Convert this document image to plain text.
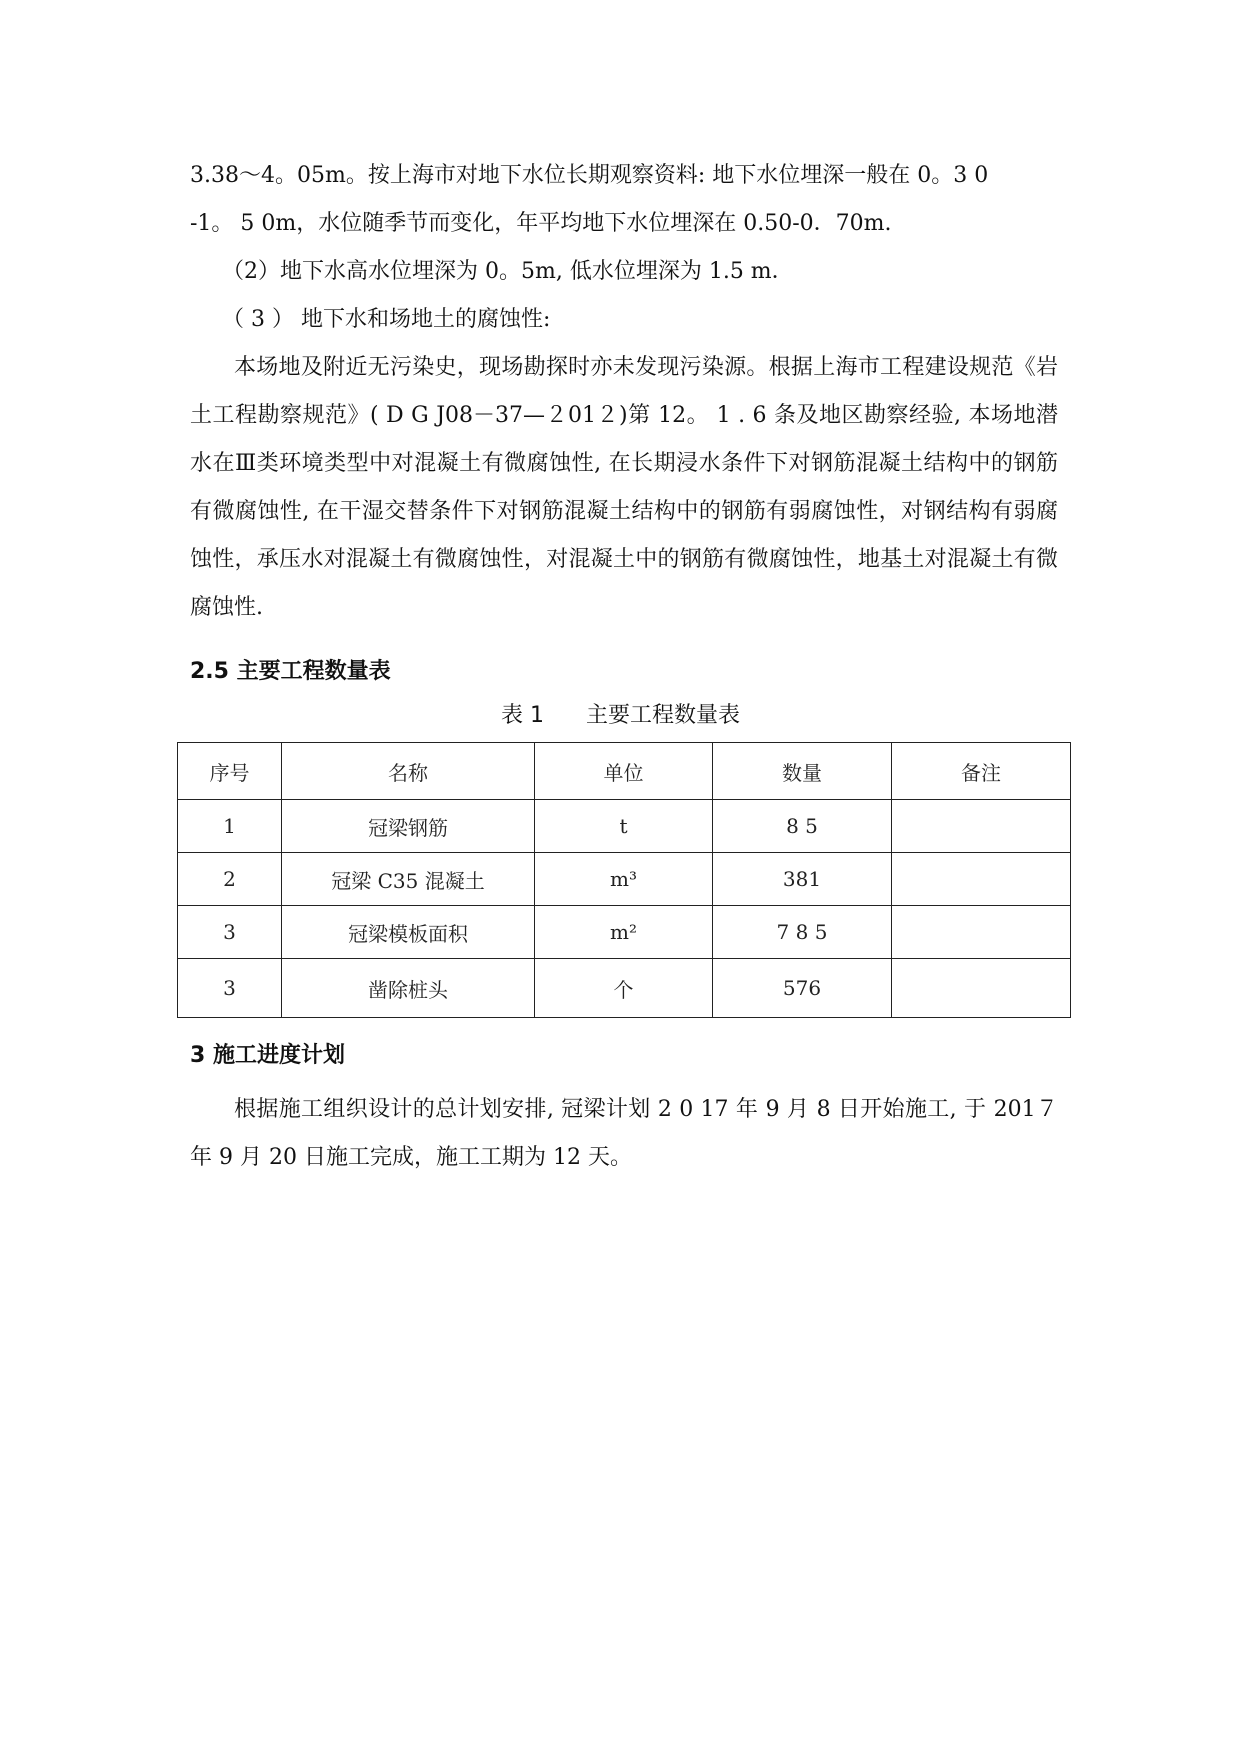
3.38～4。05m。按上海市对地下水位长期观察资料: 地下水位埋深一般在 0。3 0
-1。 5 0m，水位随季节而变化，年平均地下水位埋深在 0.50-0．70m.
（2）地下水高水位埋深为 0。5m, 低水位埋深为 1.5 m．
（ 3 ） 地下水和场地土的腐蚀性:

本场地及附近无污染史，现场勘探时亦未发现污染源。根据上海市工程建设规范《岩土工程勘察规范》( D G J08－37—２01２)第 12。 1 . 6 条及地区勘察经验, 本场地潜水在Ⅲ类环境类型中对混凝土有微腐蚀性, 在长期浸水条件下对钢筋混凝土结构中的钢筋有微腐蚀性, 在干湿交替条件下对钢筋混凝土结构中的钢筋有弱腐蚀性，对钢结构有弱腐蚀性，承压水对混凝土有微腐蚀性，对混凝土中的钢筋有微腐蚀性，地基土对混凝土有微腐蚀性.

2.5 主要工程数量表
表 1      主要工程数量表
序号	名称	单位	数量	备注
1	冠梁钢筋	t	8 5	
2	冠梁 C35 混凝土	m³	381	
3	冠梁模板面积	m²	7 8 5	
3	凿除桩头	个	576	
3 施工进度计划

根据施工组织设计的总计划安排, 冠梁计划 2 0 17 年 9 月 8 日开始施工, 于 201７年 9 月 20 日施工完成，施工工期为 12 天。
